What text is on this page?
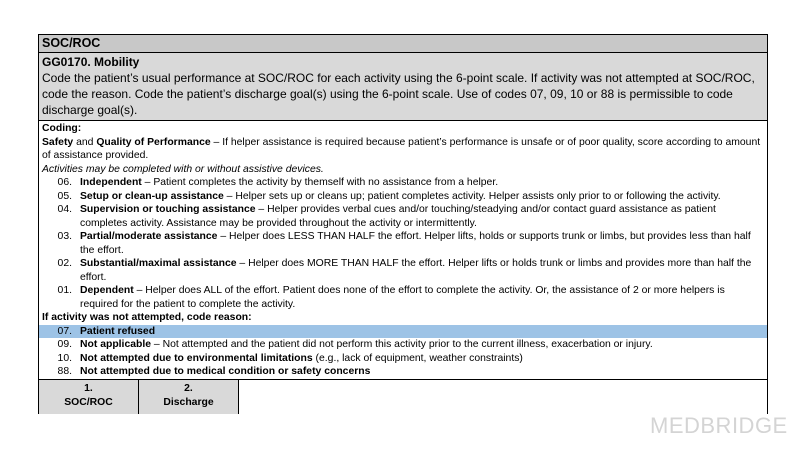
SOC/ROC
GG0170. Mobility
Code the patient’s usual performance at SOC/ROC for each activity using the 6-point scale. If activity was not attempted at SOC/ROC, code the reason. Code the patient’s discharge goal(s) using the 6-point scale. Use of codes 07, 09, 10 or 88 is permissible to code discharge goal(s).
Coding:
Safety and Quality of Performance – If helper assistance is required because patient’s performance is unsafe or of poor quality, score according to amount of assistance provided.
Activities may be completed with or without assistive devices.
06. Independent – Patient completes the activity by themself with no assistance from a helper.
05. Setup or clean-up assistance – Helper sets up or cleans up; patient completes activity. Helper assists only prior to or following the activity.
04. Supervision or touching assistance – Helper provides verbal cues and/or touching/steadying and/or contact guard assistance as patient completes activity. Assistance may be provided throughout the activity or intermittently.
03. Partial/moderate assistance – Helper does LESS THAN HALF the effort. Helper lifts, holds or supports trunk or limbs, but provides less than half the effort.
02. Substantial/maximal assistance – Helper does MORE THAN HALF the effort. Helper lifts or holds trunk or limbs and provides more than half the effort.
01. Dependent – Helper does ALL of the effort. Patient does none of the effort to complete the activity. Or, the assistance of 2 or more helpers is required for the patient to complete the activity.
If activity was not attempted, code reason:
07. Patient refused
09. Not applicable – Not attempted and the patient did not perform this activity prior to the current illness, exacerbation or injury.
10. Not attempted due to environmental limitations (e.g., lack of equipment, weather constraints)
88. Not attempted due to medical condition or safety concerns
1.
SOC/ROC
2.
Discharge
MEDBRIDGE
